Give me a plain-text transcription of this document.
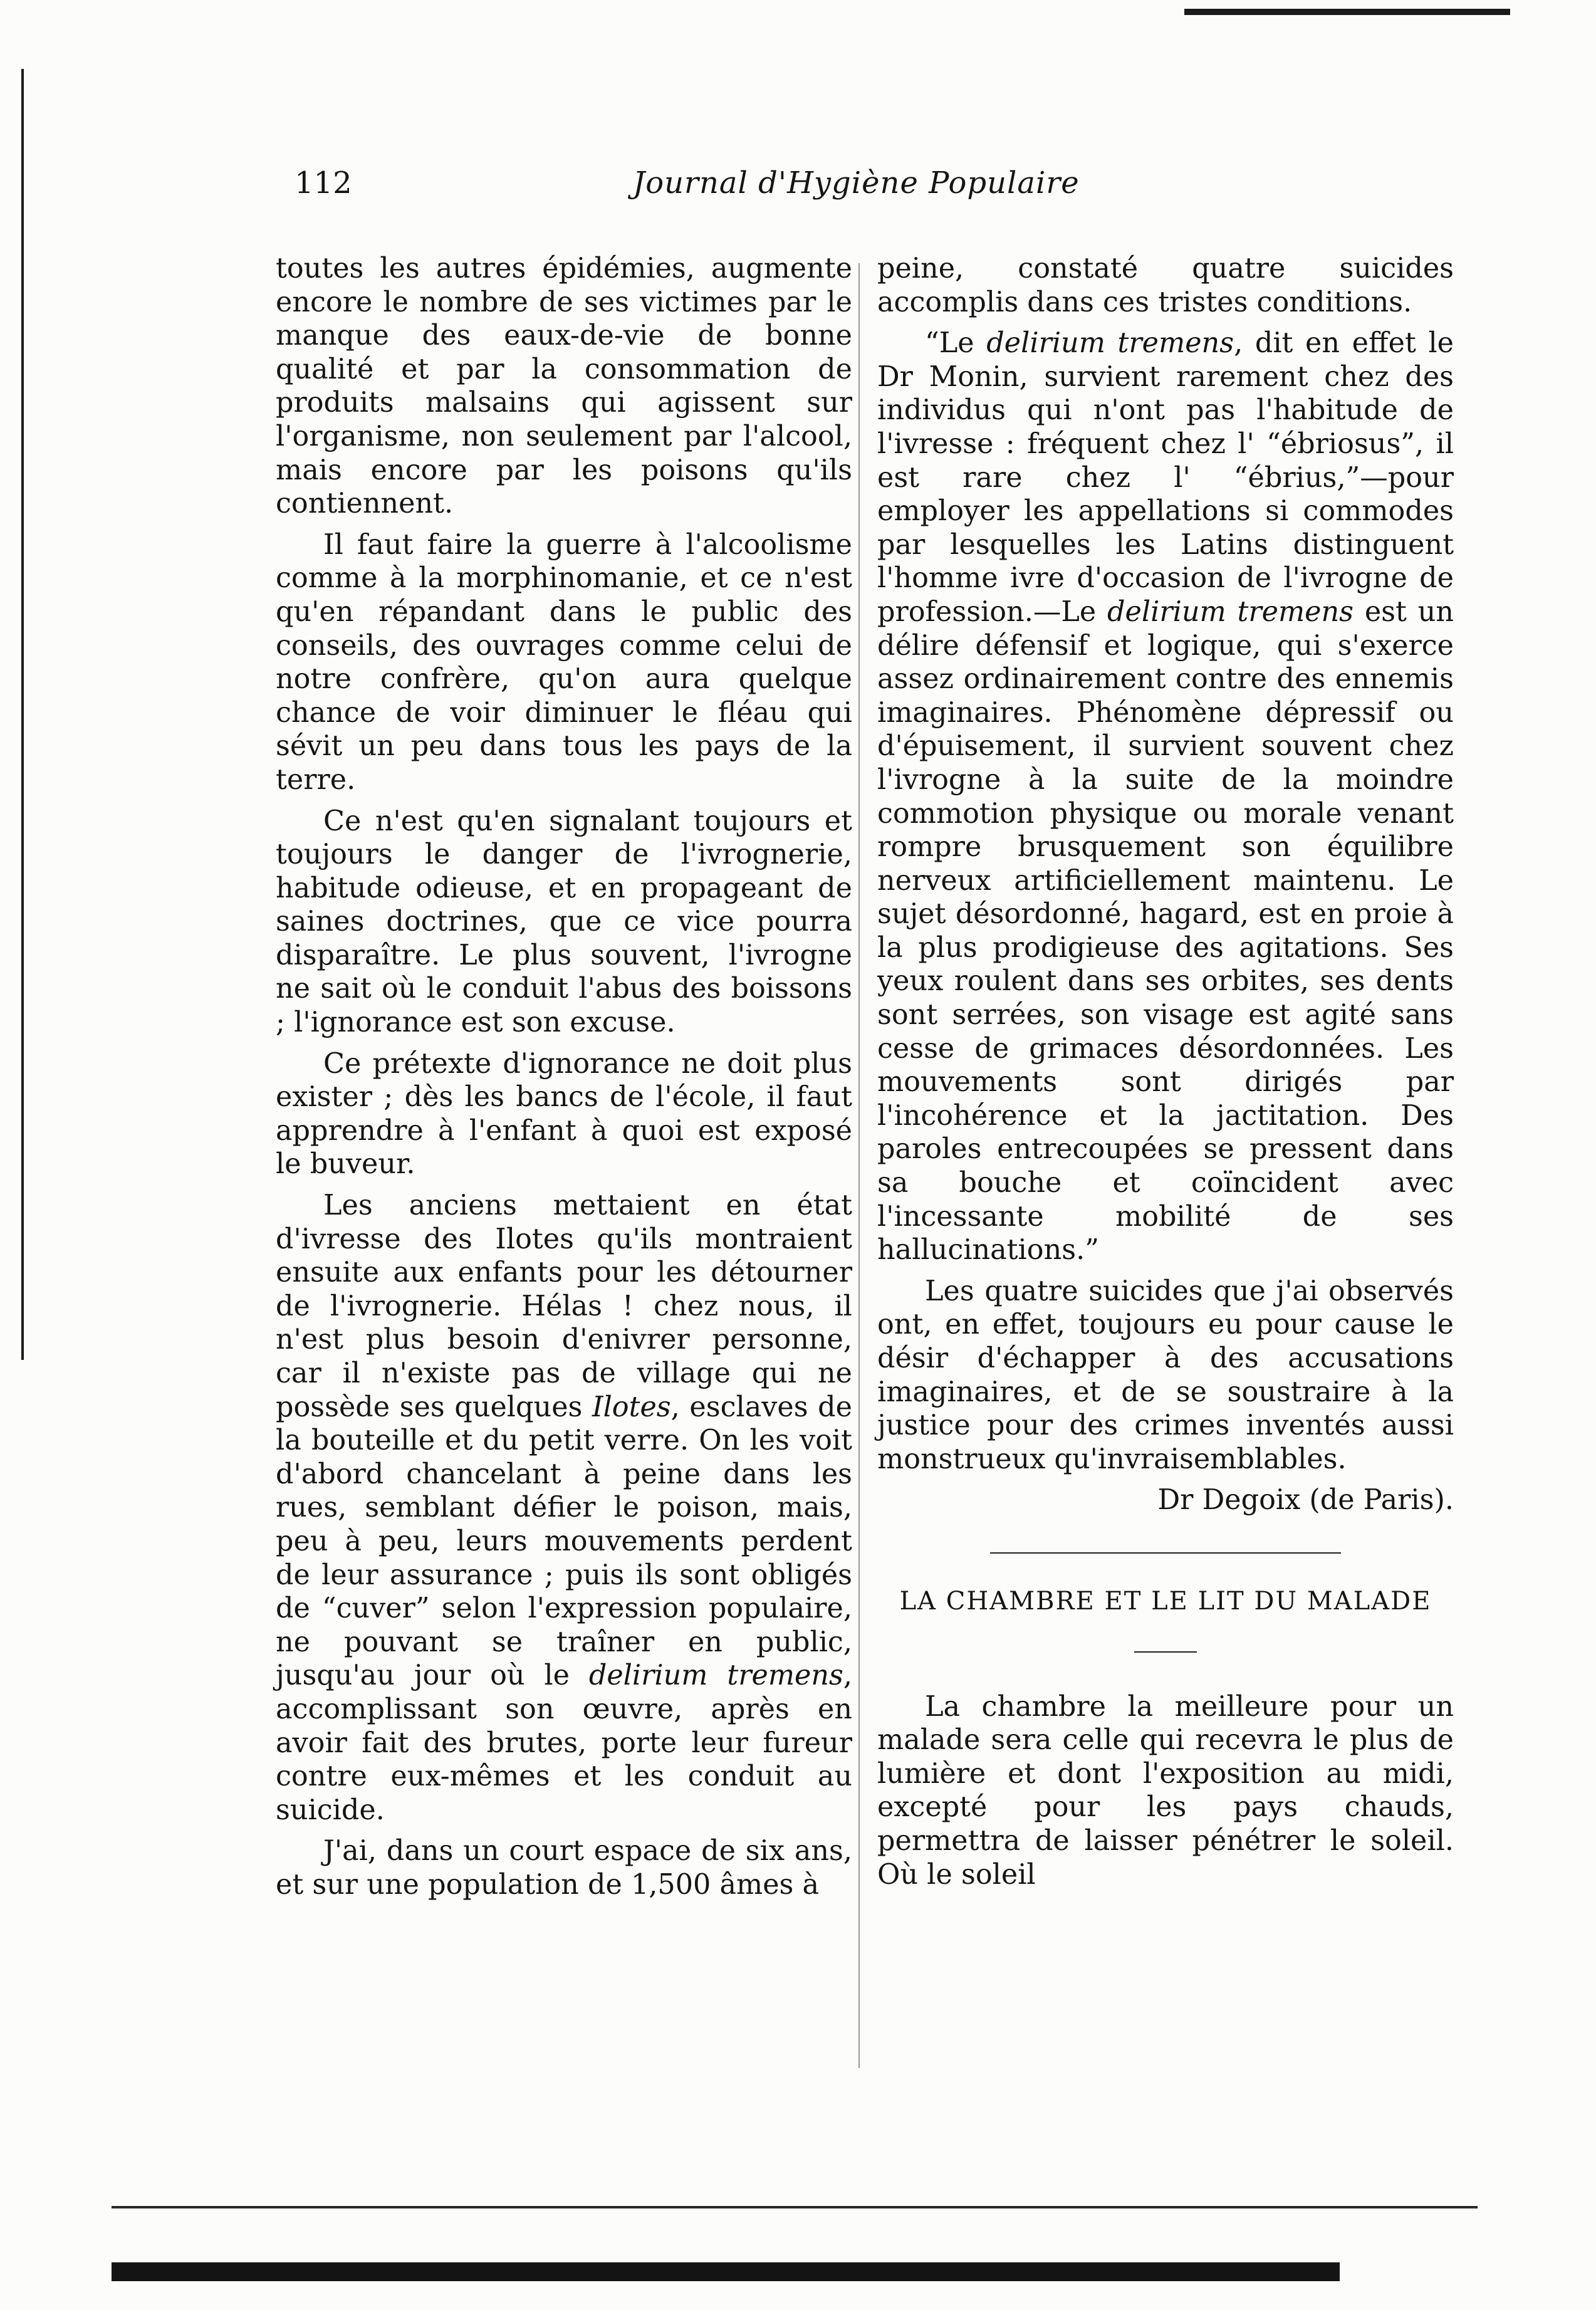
112	Journal d'Hygiène Populaire

toutes les autres épidémies, augmente encore le nombre de ses victimes par le manque des eaux-de-vie de bonne qualité et par la consommation de produits malsains qui agissent sur l'organisme, non seulement par l'alcool, mais encore par les poisons qu'ils contiennent.

Il faut faire la guerre à l'alcoolisme comme à la morphinomanie, et ce n'est qu'en répandant dans le public des conseils, des ouvrages comme celui de notre confrère, qu'on aura quelque chance de voir diminuer le fléau qui sévit un peu dans tous les pays de la terre.

Ce n'est qu'en signalant toujours et toujours le danger de l'ivrognerie, habitude odieuse, et en propageant de saines doctrines, que ce vice pourra disparaître. Le plus souvent, l'ivrogne ne sait où le conduit l'abus des boissons ; l'ignorance est son excuse.

Ce prétexte d'ignorance ne doit plus exister ; dès les bancs de l'école, il faut apprendre à l'enfant à quoi est exposé le buveur.

Les anciens mettaient en état d'ivresse des Ilotes qu'ils montraient ensuite aux enfants pour les détourner de l'ivrognerie. Hélas ! chez nous, il n'est plus besoin d'enivrer personne, car il n'existe pas de village qui ne possède ses quelques Ilotes, esclaves de la bouteille et du petit verre. On les voit d'abord chancelant à peine dans les rues, semblant défier le poison, mais, peu à peu, leurs mouvements perdent de leur assurance ; puis ils sont obligés de “cuver” selon l'expression populaire, ne pouvant se traîner en public, jusqu'au jour où le delirium tremens, accomplissant son œuvre, après en avoir fait des brutes, porte leur fureur contre eux-mêmes et les conduit au suicide.

J'ai, dans un court espace de six ans, et sur une population de 1,500 âmes à

peine, constaté quatre suicides accomplis dans ces tristes conditions.

“Le delirium tremens, dit en effet le Dr Monin, survient rarement chez des individus qui n'ont pas l'habitude de l'ivresse : fréquent chez l' “ébriosus”, il est rare chez l' “ébrius,”—pour employer les appellations si commodes par lesquelles les Latins distinguent l'homme ivre d'occasion de l'ivrogne de profession.—Le delirium tremens est un délire défensif et logique, qui s'exerce assez ordinairement contre des ennemis imaginaires. Phénomène dépressif ou d'épuisement, il survient souvent chez l'ivrogne à la suite de la moindre commotion physique ou morale venant rompre brusquement son équilibre nerveux artificiellement maintenu. Le sujet désordonné, hagard, est en proie à la plus prodigieuse des agitations. Ses yeux roulent dans ses orbites, ses dents sont serrées, son visage est agité sans cesse de grimaces désordonnées. Les mouvements sont dirigés par l'incohérence et la jactitation. Des paroles entrecoupées se pressent dans sa bouche et coïncident avec l'incessante mobilité de ses hallucinations.”

Les quatre suicides que j'ai observés ont, en effet, toujours eu pour cause le désir d'échapper à des accusations imaginaires, et de se soustraire à la justice pour des crimes inventés aussi monstrueux qu'invraisemblables.

Dr Degoix (de Paris).

LA CHAMBRE ET LE LIT DU MALADE

La chambre la meilleure pour un malade sera celle qui recevra le plus de lumière et dont l'exposition au midi, excepté pour les pays chauds, permettra de laisser pénétrer le soleil. Où le soleil
